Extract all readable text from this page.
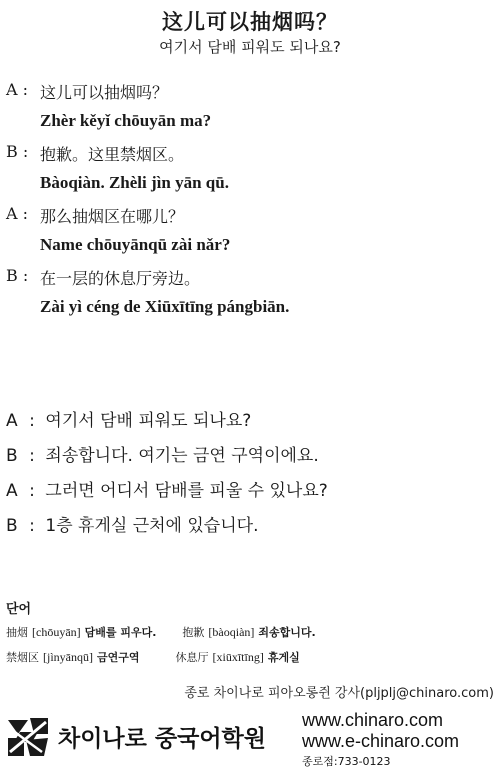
这儿可以抽烟吗？
여기서 담배 피워도 되나요?
A : 这儿可以抽烟吗？
Zhèr kěyǐ chōuyān ma?
B : 抱歉。这里禁烟区。
Bàoqiàn. Zhèli jìn yān qū.
A : 那么抽烟区在哪儿？
Name chōuyānqū zài nǎr?
B : 在一层的休息厅旁边。
Zài yì céng de Xiūxītīng pángbiān.
A : 여기서 담배 피워도 되나요?
B : 죄송합니다. 여기는 금연 구역이에요.
A : 그러면 어디서 담배를 피울 수 있나요?
B : 1층 휴게실 근처에 있습니다.
단어
抽烟 [chōuyān] 담배를 피우다. 抱歉 [bàoqiàn] 죄송합니다.
禁烟区 [jìnyānqū] 금연구역	休息厅 [xiūxītīng] 휴게실
종로 차이나로 피아오롱쥔 강사(pljplj@chinaro.com)
차이나로 중국어학원
www.chinaro.com
www.e-chinaro.com
종로점:733-0123
